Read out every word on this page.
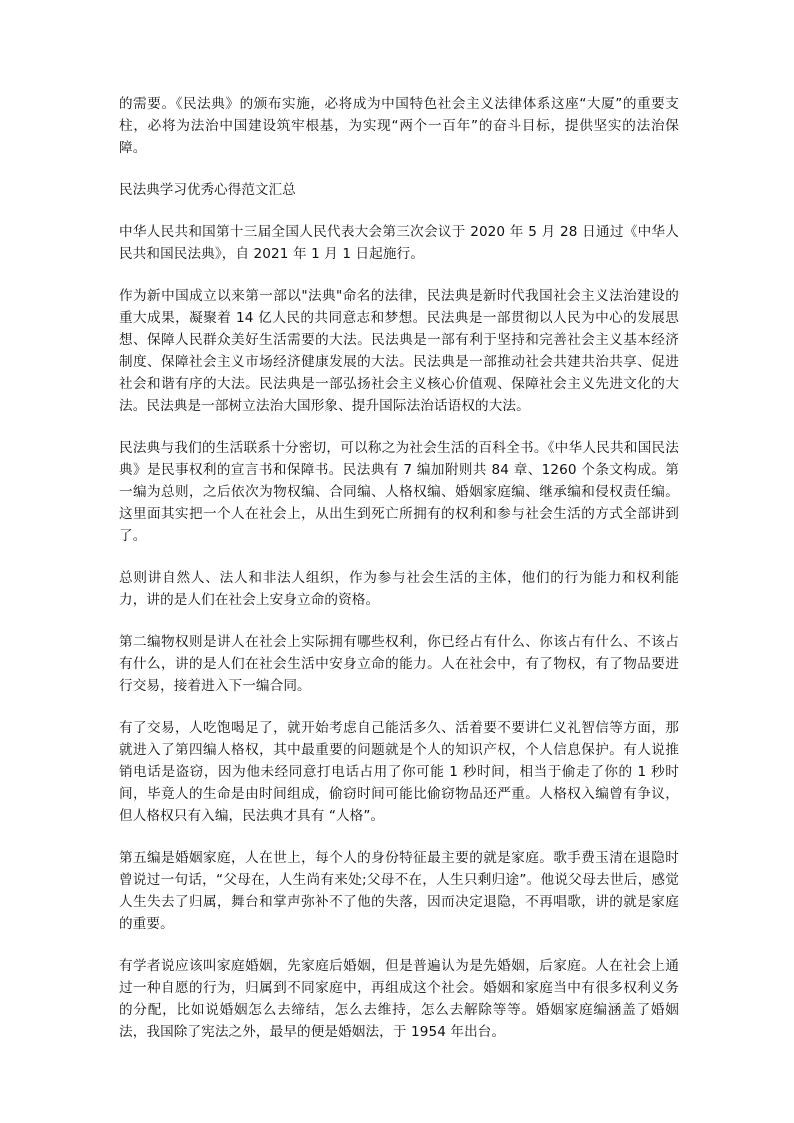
的需要。《民法典》的颁布实施，必将成为中国特色社会主义法律体系这座“大厦”的重要支柱，必将为法治中国建设筑牢根基，为实现“两个一百年”的奋斗目标，提供坚实的法治保障。

民法典学习优秀心得范文汇总

中华人民共和国第十三届全国人民代表大会第三次会议于 2020 年 5 月 28 日通过《中华人民共和国民法典》，自 2021 年 1 月 1 日起施行。

作为新中国成立以来第一部以"法典"命名的法律，民法典是新时代我国社会主义法治建设的重大成果，凝聚着 14 亿人民的共同意志和梦想。民法典是一部贯彻以人民为中心的发展思想、保障人民群众美好生活需要的大法。民法典是一部有利于坚持和完善社会主义基本经济制度、保障社会主义市场经济健康发展的大法。民法典是一部推动社会共建共治共享、促进社会和谐有序的大法。民法典是一部弘扬社会主义核心价值观、保障社会主义先进文化的大法。民法典是一部树立法治大国形象、提升国际法治话语权的大法。

民法典与我们的生活联系十分密切，可以称之为社会生活的百科全书。《中华人民共和国民法典》是民事权利的宣言书和保障书。民法典有 7 编加附则共 84 章、1260 个条文构成。第一编为总则，之后依次为物权编、合同编、人格权编、婚姻家庭编、继承编和侵权责任编。这里面其实把一个人在社会上，从出生到死亡所拥有的权利和参与社会生活的方式全部讲到了。

总则讲自然人、法人和非法人组织，作为参与社会生活的主体，他们的行为能力和权利能力，讲的是人们在社会上安身立命的资格。

第二编物权则是讲人在社会上实际拥有哪些权利，你已经占有什么、你该占有什么、不该占有什么，讲的是人们在社会生活中安身立命的能力。人在社会中，有了物权，有了物品要进行交易，接着进入下一编合同。

有了交易，人吃饱喝足了，就开始考虑自己能活多久、活着要不要讲仁义礼智信等方面，那就进入了第四编人格权，其中最重要的问题就是个人的知识产权，个人信息保护。有人说推销电话是盗窃，因为他未经同意打电话占用了你可能 1 秒时间，相当于偷走了你的 1 秒时间，毕竟人的生命是由时间组成，偷窃时间可能比偷窃物品还严重。人格权入编曾有争议，但人格权只有入编，民法典才具有 “人格”。

第五编是婚姻家庭，人在世上，每个人的身份特征最主要的就是家庭。歌手费玉清在退隐时曾说过一句话，“父母在，人生尚有来处;父母不在，人生只剩归途”。他说父母去世后，感觉人生失去了归属，舞台和掌声弥补不了他的失落，因而决定退隐，不再唱歌，讲的就是家庭的重要。

有学者说应该叫家庭婚姻，先家庭后婚姻，但是普遍认为是先婚姻，后家庭。人在社会上通过一种自愿的行为，归属到不同家庭中，再组成这个社会。婚姻和家庭当中有很多权利义务的分配，比如说婚姻怎么去缔结，怎么去维持，怎么去解除等等。婚姻家庭编涵盖了婚姻法，我国除了宪法之外，最早的便是婚姻法，于 1954 年出台。
